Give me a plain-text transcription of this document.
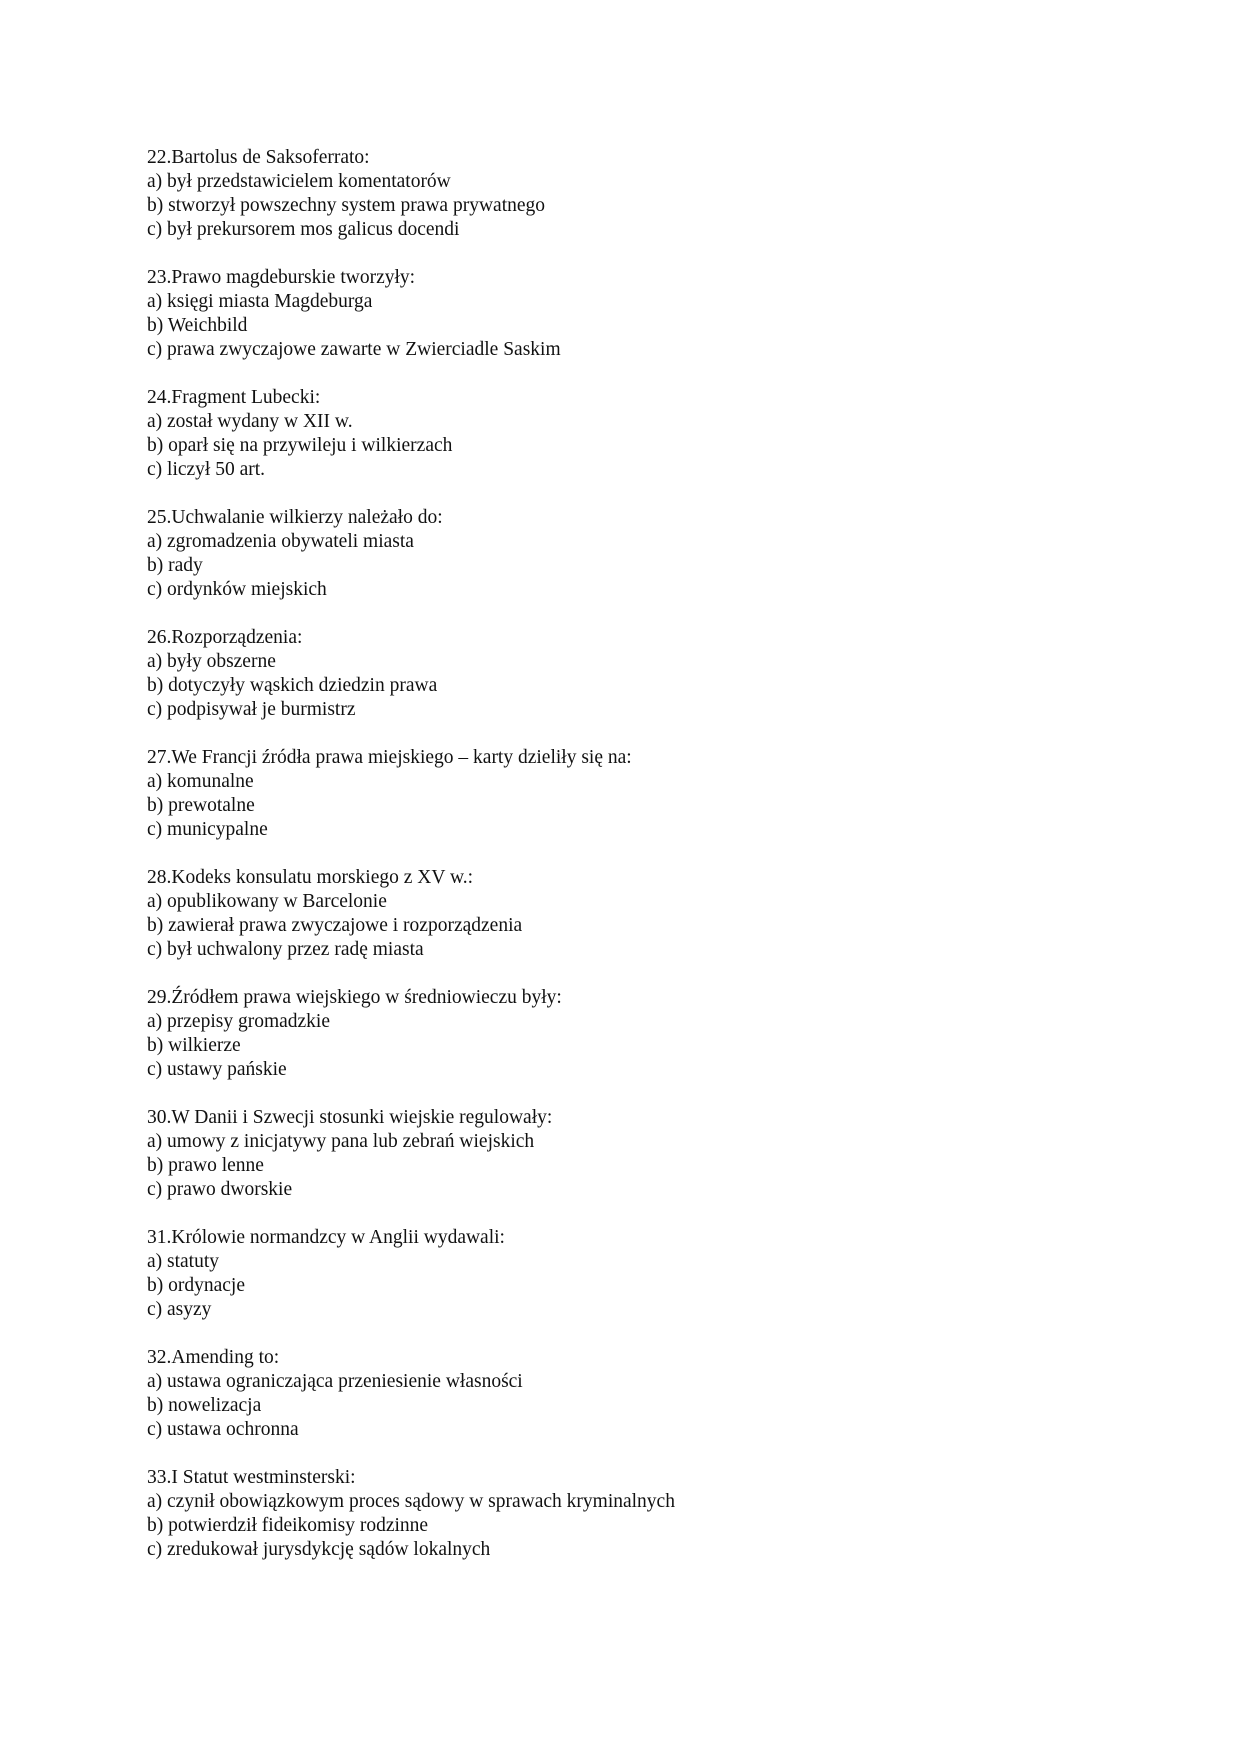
22.Bartolus de Saksoferrato:
a) był przedstawicielem komentatorów
b) stworzył powszechny system prawa prywatnego
c) był prekursorem mos galicus docendi
23.Prawo magdeburskie tworzyły:
a) księgi miasta Magdeburga
b) Weichbild
c) prawa zwyczajowe zawarte w Zwierciadle Saskim
24.Fragment Lubecki:
a) został wydany w XII w.
b) oparł się na przywileju i wilkierzach
c) liczył 50 art.
25.Uchwalanie wilkierzy należało do:
a) zgromadzenia obywateli miasta
b) rady
c) ordynków miejskich
26.Rozporządzenia:
a) były obszerne
b) dotyczyły wąskich dziedzin prawa
c) podpisywał je burmistrz
27.We Francji źródła prawa miejskiego – karty dzieliły się na:
a) komunalne
b) prewotalne
c) municypalne
28.Kodeks konsulatu morskiego z XV w.:
a) opublikowany w Barcelonie
b) zawierał prawa zwyczajowe i rozporządzenia
c) był uchwalony przez radę miasta
29.Źródłem prawa wiejskiego w średniowieczu były:
a) przepisy gromadzkie
b) wilkierze
c) ustawy pańskie
30.W Danii i Szwecji stosunki wiejskie regulowały:
a) umowy z inicjatywy pana lub zebrań wiejskich
b) prawo lenne
c) prawo dworskie
31.Królowie normandzcy w Anglii wydawali:
a) statuty
b) ordynacje
c) asyzy
32.Amending to:
a) ustawa ograniczająca przeniesienie własności
b) nowelizacja
c) ustawa ochronna
33.I Statut westminsterski:
a) czynił obowiązkowym proces sądowy w sprawach kryminalnych
b) potwierdził fideikomisy rodzinne
c) zredukował jurysdykcję sądów lokalnych
